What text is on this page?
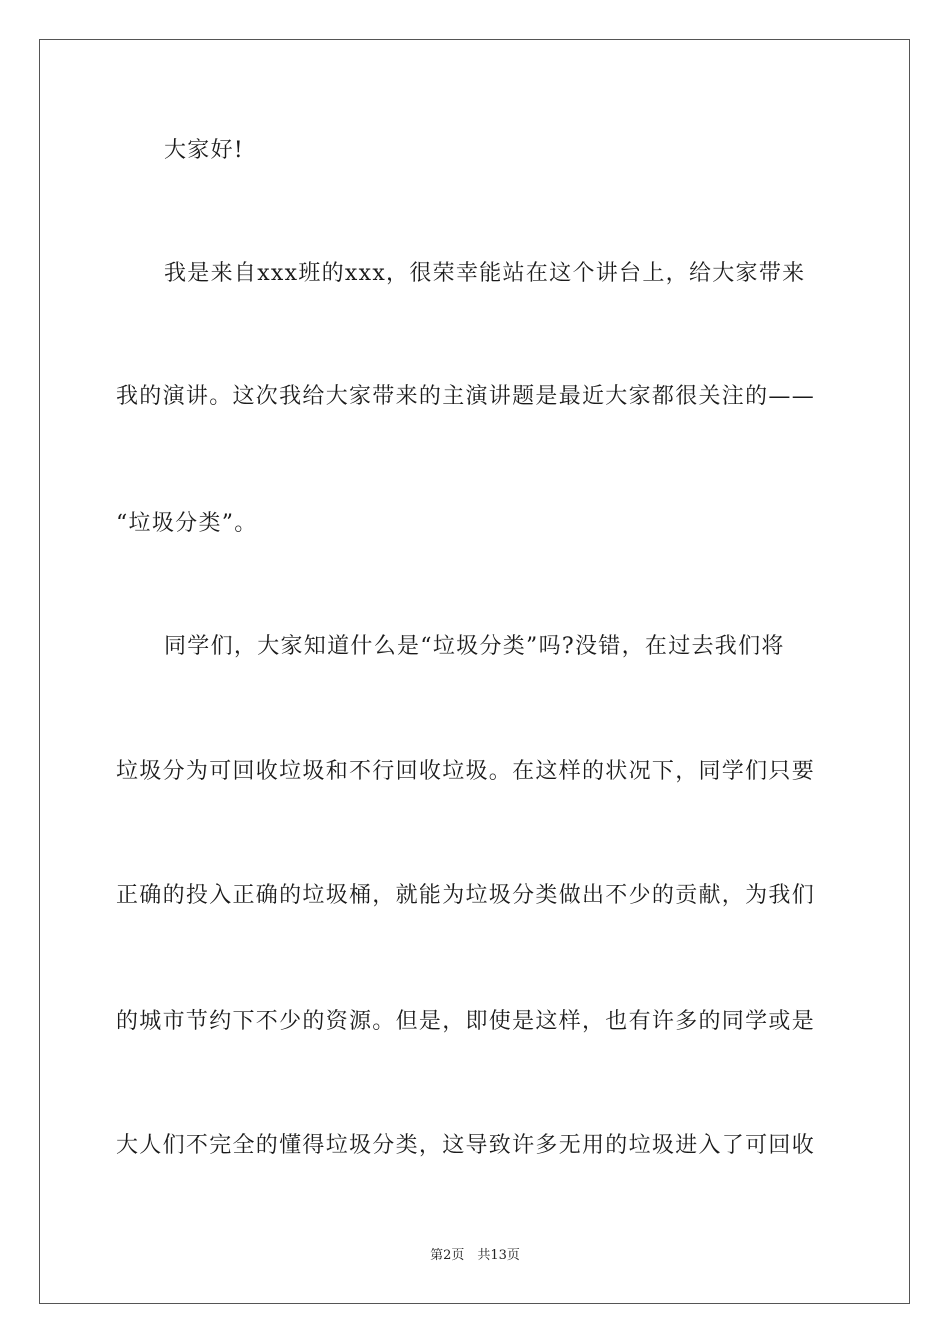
大家好!
我是来自xxx班的xxx，很荣幸能站在这个讲台上，给大家带来
我的演讲。这次我给大家带来的主演讲题是最近大家都很关注的——
“垃圾分类”。
同学们，大家知道什么是“垃圾分类”吗?没错，在过去我们将
垃圾分为可回收垃圾和不行回收垃圾。在这样的状况下，同学们只要
正确的投入正确的垃圾桶，就能为垃圾分类做出不少的贡献，为我们
的城市节约下不少的资源。但是，即使是这样，也有许多的同学或是
大人们不完全的懂得垃圾分类，这导致许多无用的垃圾进入了可回收
第2页　共13页
